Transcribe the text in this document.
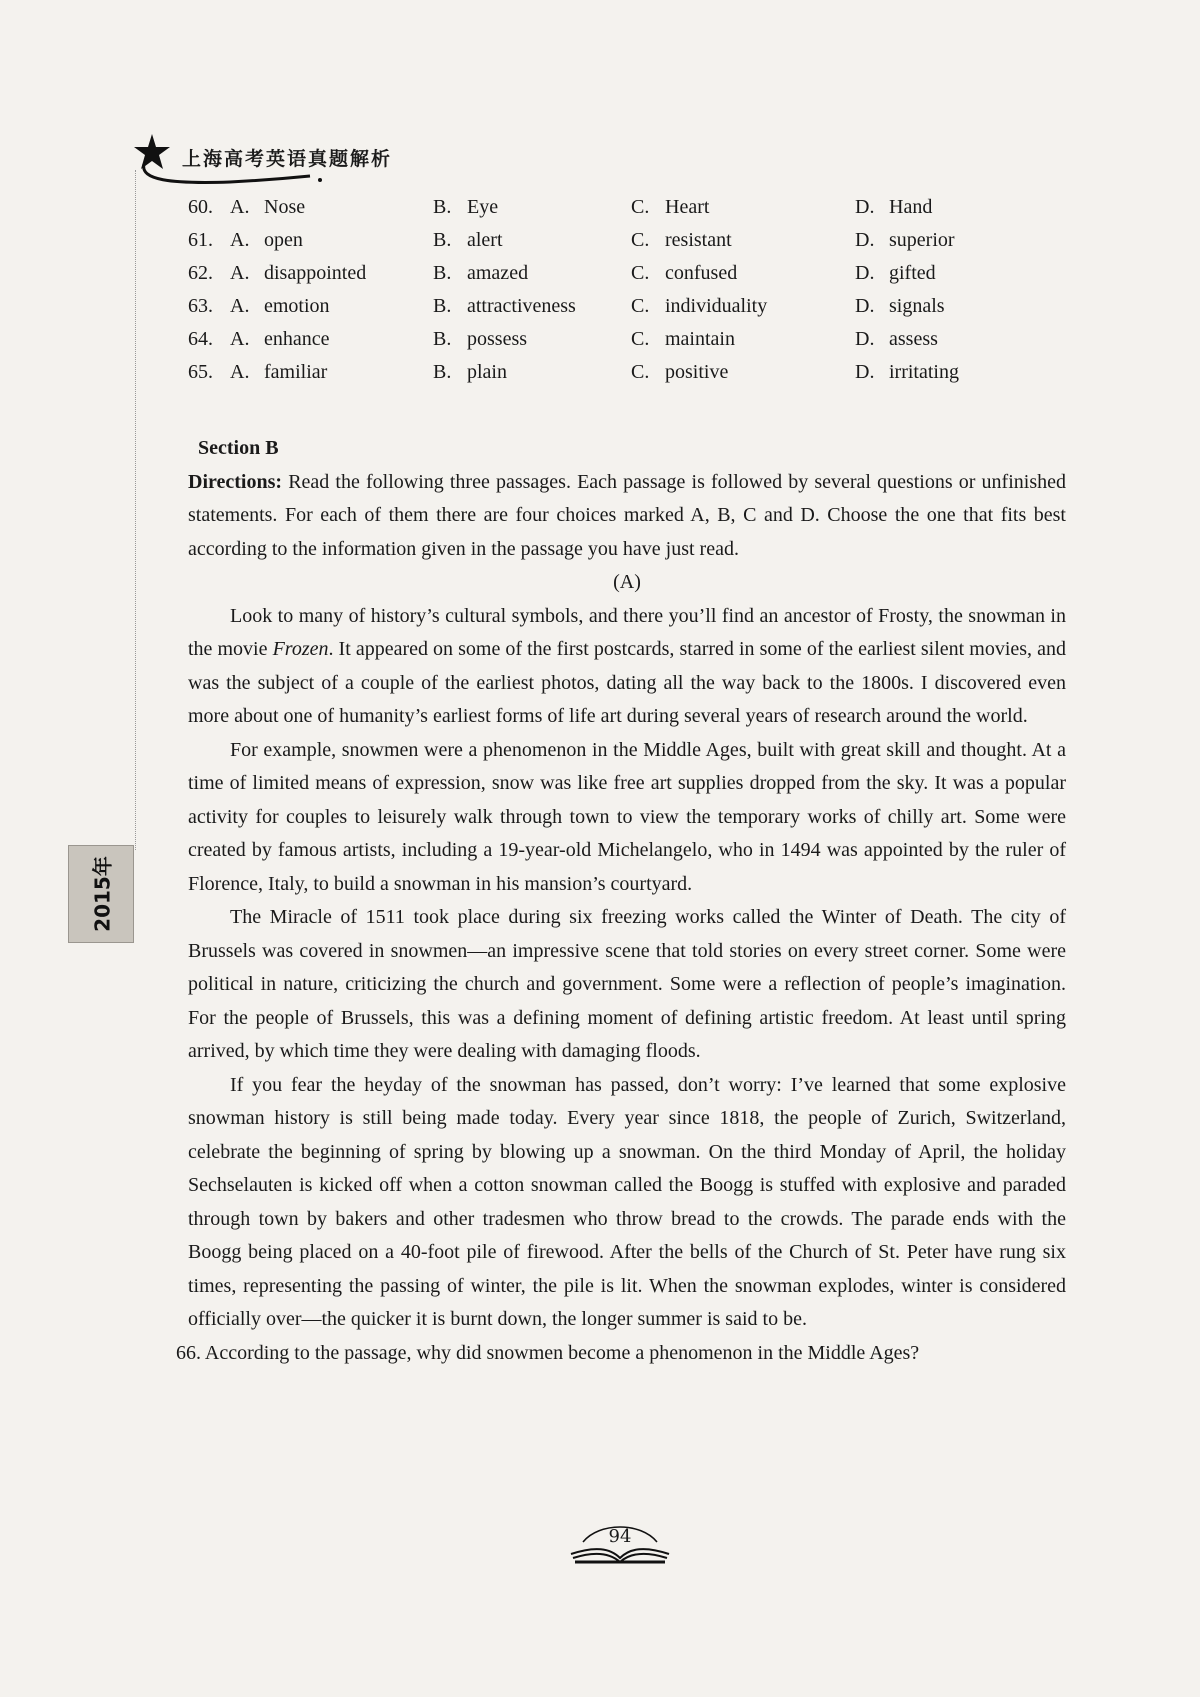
上海高考英语真题解析
2015年
60. A. Nose	B. Eye	C. Heart	D. Hand
61. A. open	B. alert	C. resistant	D. superior
62. A. disappointed	B. amazed	C. confused	D. gifted
63. A. emotion	B. attractiveness	C. individuality	D. signals
64. A. enhance	B. possess	C. maintain	D. assess
65. A. familiar	B. plain	C. positive	D. irritating

Section B

Directions: Read the following three passages. Each passage is followed by several questions or unfinished statements. For each of them there are four choices marked A, B, C and D. Choose the one that fits best according to the information given in the passage you have just read.

(A)

Look to many of history’s cultural symbols, and there you’ll find an ancestor of Frosty, the snowman in the movie Frozen. It appeared on some of the first postcards, starred in some of the earliest silent movies, and was the subject of a couple of the earliest photos, dating all the way back to the 1800s. I discovered even more about one of humanity’s earliest forms of life art during several years of research around the world.

For example, snowmen were a phenomenon in the Middle Ages, built with great skill and thought. At a time of limited means of expression, snow was like free art supplies dropped from the sky. It was a popular activity for couples to leisurely walk through town to view the temporary works of chilly art. Some were created by famous artists, including a 19-year-old Michelangelo, who in 1494 was appointed by the ruler of Florence, Italy, to build a snowman in his mansion’s courtyard.

The Miracle of 1511 took place during six freezing works called the Winter of Death. The city of Brussels was covered in snowmen—an impressive scene that told stories on every street corner. Some were political in nature, criticizing the church and government. Some were a reflection of people’s imagination. For the people of Brussels, this was a defining moment of defining artistic freedom. At least until spring arrived, by which time they were dealing with damaging floods.

If you fear the heyday of the snowman has passed, don’t worry: I’ve learned that some explosive snowman history is still being made today. Every year since 1818, the people of Zurich, Switzerland, celebrate the beginning of spring by blowing up a snowman. On the third Monday of April, the holiday Sechselauten is kicked off when a cotton snowman called the Boogg is stuffed with explosive and paraded through town by bakers and other tradesmen who throw bread to the crowds. The parade ends with the Boogg being placed on a 40-foot pile of firewood. After the bells of the Church of St. Peter have rung six times, representing the passing of winter, the pile is lit. When the snowman explodes, winter is considered officially over—the quicker it is burnt down, the longer summer is said to be.

66. According to the passage, why did snowmen become a phenomenon in the Middle Ages?

94
